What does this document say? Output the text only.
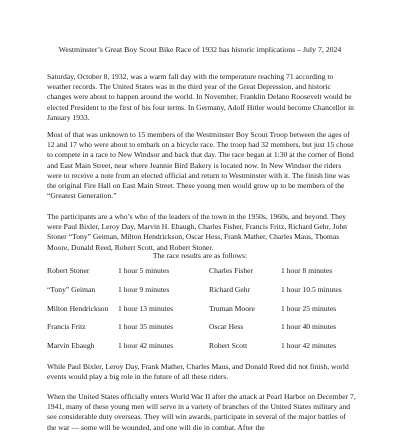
Westminster’s Great Boy Scout Bike Race of 1932 has historic implications – July 7, 2024

Saturday, October 8, 1932, was a warm fall day with the temperature reaching 71 according to weather records. The United States was in the third year of the Great Depression, and historic changes were about to happen around the world. In November, Franklin Delano Roosevelt would be elected President to the first of his four terms. In Germany, Adolf Hitler would become Chancellor in January 1933.

Most of that was unknown to 15 members of the Westminster Boy Scout Troop between the ages of 12 and 17 who were about to embark on a bicycle race. The troop had 32 members, but just 15 chose to compete in a race to New Windsor and back that day. The race began at 1:30 at the corner of Bond and East Main Street, near where Jeannie Bird Bakery is located now. In New Windsor the riders were to receive a note from an elected official and return to Westminster with it. The finish line was the original Fire Hall on East Main Street. These young men would grow up to be members of the “Greatest Generation.”

The participants are a who’s who of the leaders of the town in the 1950s, 1960s, and beyond. They were Paul Bixler, Leroy Day, Marvin H. Ebaugh, Charles Fisher, Francis Fritz, Richard Gehr, John Stoner “Tony” Geiman, Milton Hendrickson, Oscar Hess, Frank Mather, Charles Maus, Thomas Moore, Donald Reed, Robert Scott, and Robert Stoner.

The race results are as follows:
Robert Stoner	1 hour 5 minutes	Charles Fisher	1 hour 8 minutes
“Tony” Geiman	1 hour 9 minutes	Richard Gehr	1 hour 10.5 minutes
Milton Hendrickson 1 hour 13 minutes	Truman Moore	1 hour 25 minutes
Francis Fritz	1 hour 35 minutes	Oscar Hess	1 hour 40 minutes
Marvin Ebaugh	1 hour 42 minutes	Robert Scott	1 hour 42 minutes

While Paul Bixler, Leroy Day, Frank Mather, Charles Maus, and Donald Reed did not finish, world events would play a big role in the future of all these riders.

When the United States officially enters World War II after the attack at Pearl Harbor on December 7, 1941, many of these young men will serve in a variety of branches of the United States military and see considerable duty overseas. They will win awards, participate in several of the major battles of the war — some will be wounded, and one will die in combat. After the
